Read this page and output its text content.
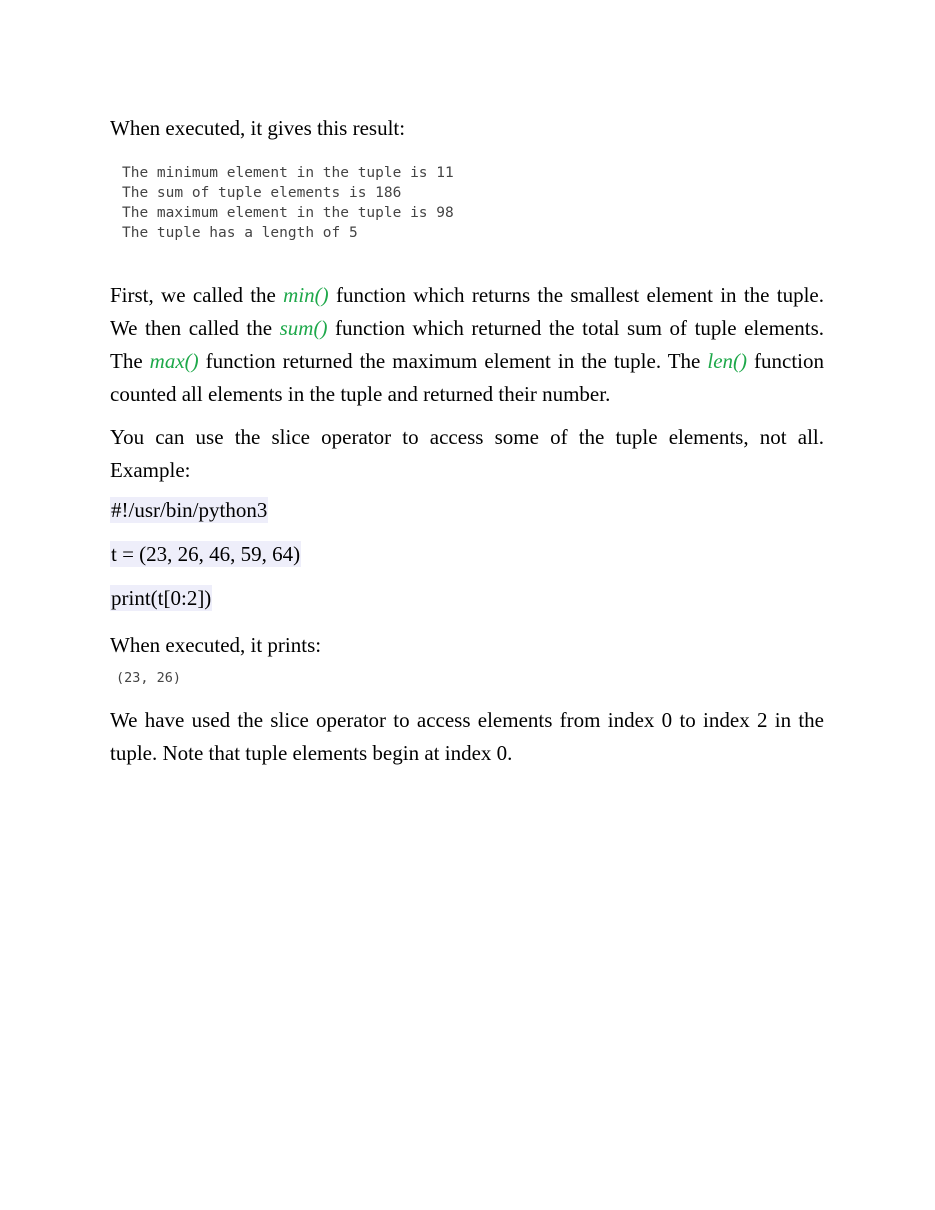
When executed, it gives this result:

The minimum element in the tuple is 11
The sum of tuple elements is 186
The maximum element in the tuple is 98
The tuple has a length of 5

First, we called the min() function which returns the smallest element in the tuple. We then called the sum() function which returned the total sum of tuple elements. The max() function returned the maximum element in the tuple. The len() function counted all elements in the tuple and returned their number.

You can use the slice operator to access some of the tuple elements, not all. Example:

#!/usr/bin/python3
t = (23, 26, 46, 59, 64)
print(t[0:2])

When executed, it prints:

(23, 26)

We have used the slice operator to access elements from index 0 to index 2 in the tuple. Note that tuple elements begin at index 0.
